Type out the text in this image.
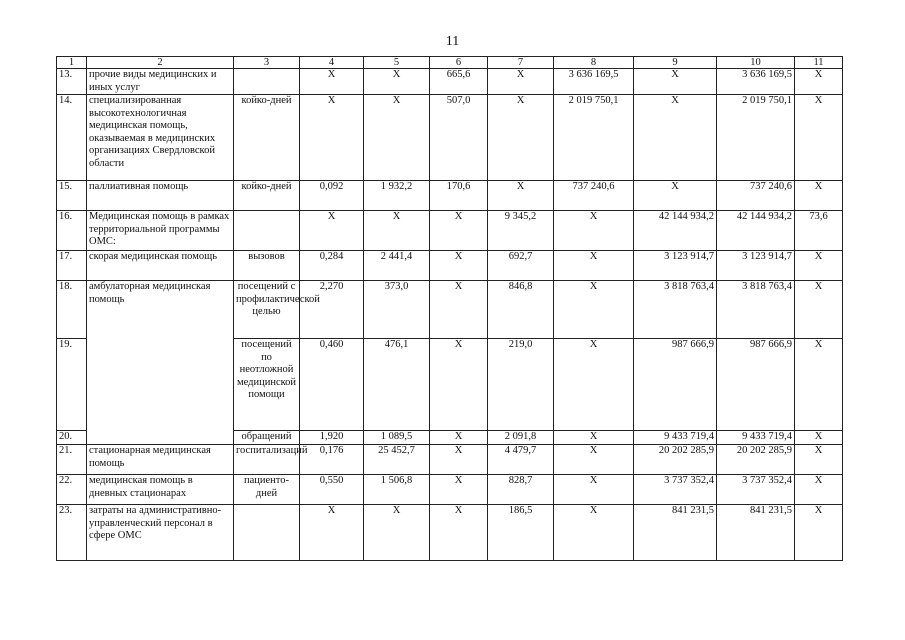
11
1	2	3	4	5	6	7	8	9	10	11
13.	прочие виды медицинских и иных услуг		Х	Х	665,6	Х	3 636 169,5	Х	3 636 169,5	Х
14.	специализированная высокотехнологичная медицинская помощь, оказываемая в медицинских организациях Свердловской области	койко-дней	Х	Х	507,0	Х	2 019 750,1	Х	2 019 750,1	Х
15.	паллиативная помощь	койко-дней	0,092	1 932,2	170,6	Х	737 240,6	Х	737 240,6	Х
16.	Медицинская помощь в рамках территориальной программы ОМС:		Х	Х	Х	9 345,2	Х	42 144 934,2	42 144 934,2	73,6
17.	скорая медицинская помощь	вызовов	0,284	2 441,4	Х	692,7	Х	3 123 914,7	3 123 914,7	Х
18.	амбулаторная медицинская помощь	посещений с профилактической целью	2,270	373,0	Х	846,8	Х	3 818 763,4	3 818 763,4	Х
19.		посещений по неотложной медицинской помощи	0,460	476,1	Х	219,0	Х	987 666,9	987 666,9	Х
20.		обращений	1,920	1 089,5	Х	2 091,8	Х	9 433 719,4	9 433 719,4	Х
21.	стационарная медицинская помощь	госпитализаций	0,176	25 452,7	Х	4 479,7	Х	20 202 285,9	20 202 285,9	Х
22.	медицинская помощь в дневных стационарах	пациенто-дней	0,550	1 506,8	Х	828,7	Х	3 737 352,4	3 737 352,4	Х
23.	затраты на административно-управленческий персонал в сфере ОМС		Х	Х	Х	186,5	Х	841 231,5	841 231,5	Х
